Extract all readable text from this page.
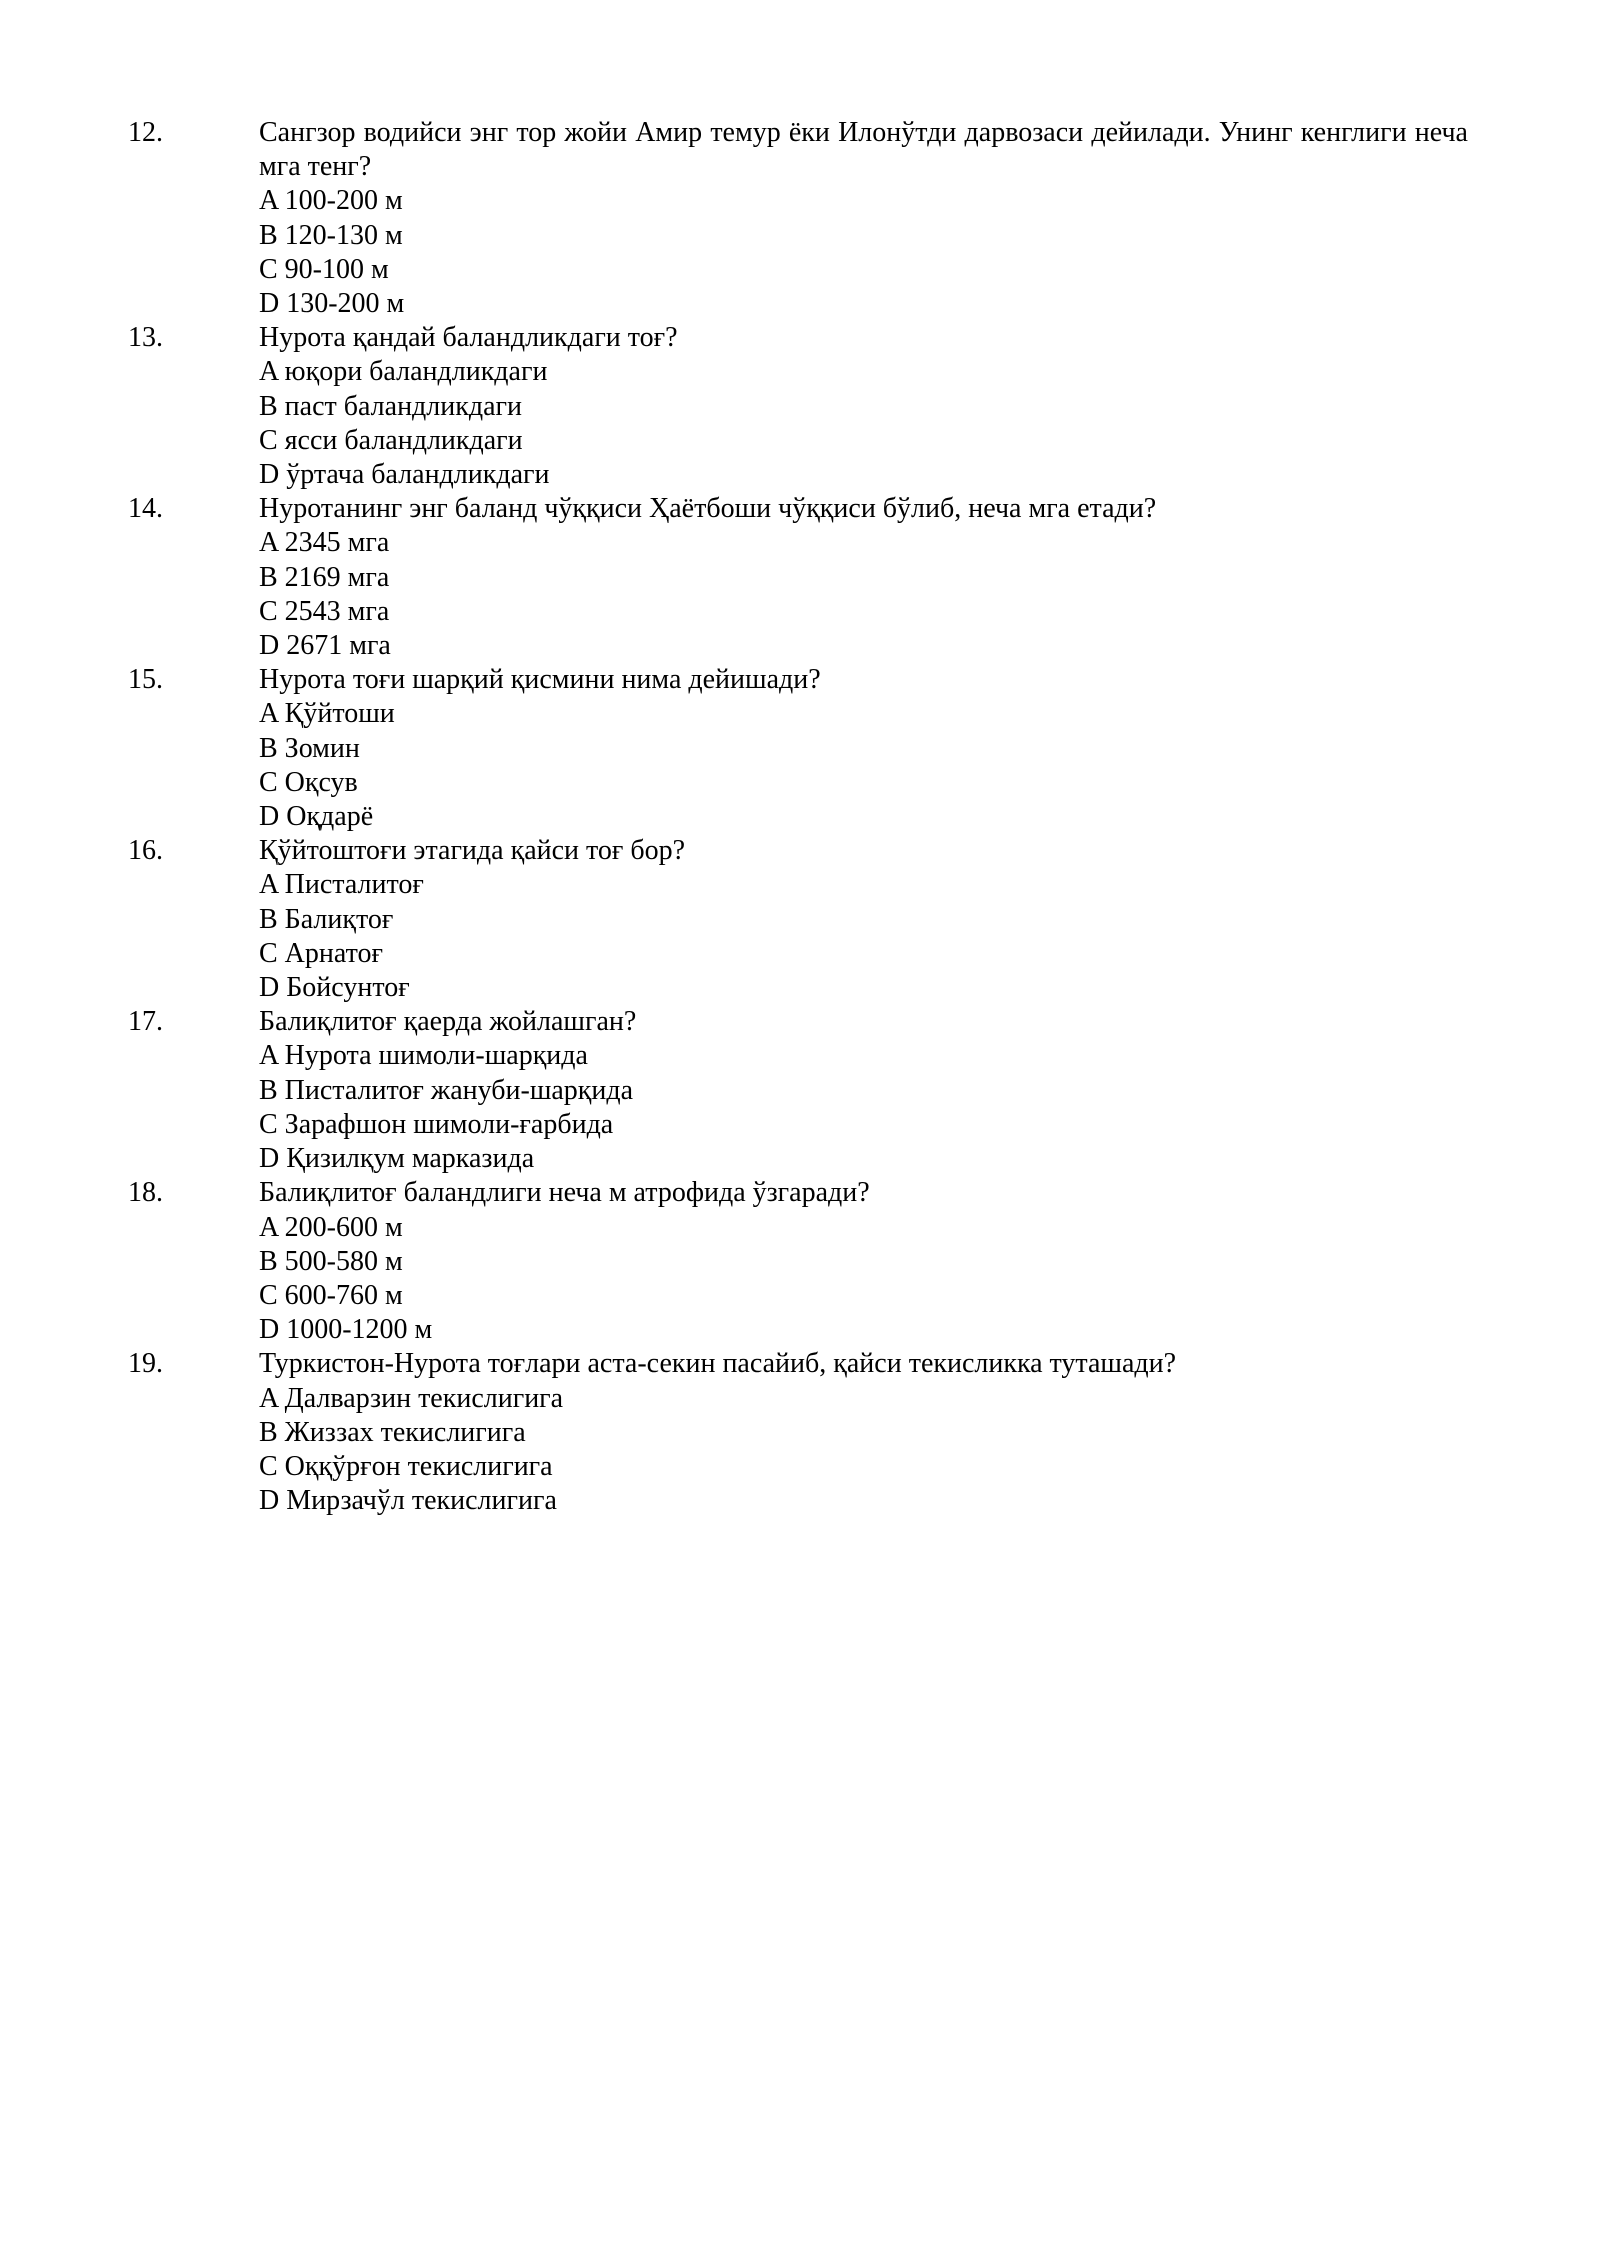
12.	Сангзор водийси энг тор жойи Амир темур ёки Илонўтди дарвозаси дейилади. Унинг кенглиги неча мга тенг?

A 100-200 м
B 120-130 м
C 90-100 м
D 130-200 м
13.	Нурота қандай баландликдаги тоғ?

A юқори баландликдаги
B паст баландликдаги
C ясси баландликдаги
D ўртача баландликдаги
14.	Нуротанинг энг баланд чўққиси Ҳаётбоши чўққиси бўлиб, неча мга етади?

A 2345 мга
B 2169 мга
C 2543 мга
D 2671 мга
15.	Нурота тоғи шарқий қисмини нима дейишади?

A Қўйтоши
B Зомин
C Оқсув
D Оқдарё
16.	Қўйтоштоғи этагида қайси тоғ бор?

A Писталитоғ
B Балиқтоғ
C Арнатоғ
D Бойсунтоғ
17.	Балиқлитоғ қаерда жойлашган?

A Нурота шимоли-шарқида
B Писталитоғ жануби-шарқида
C Зарафшон шимоли-ғарбида
D Қизилқум марказида
18.	Балиқлитоғ баландлиги неча м атрофида ўзгаради?

A 200-600 м
B 500-580 м
C 600-760 м
D 1000-1200 м
19.	Туркистон-Нурота тоғлари аста-секин пасайиб, қайси текисликка туташади?

A Далварзин текислигига
B Жиззах текислигига
C Оққўрғон текислигига
D Мирзачўл текислигига
